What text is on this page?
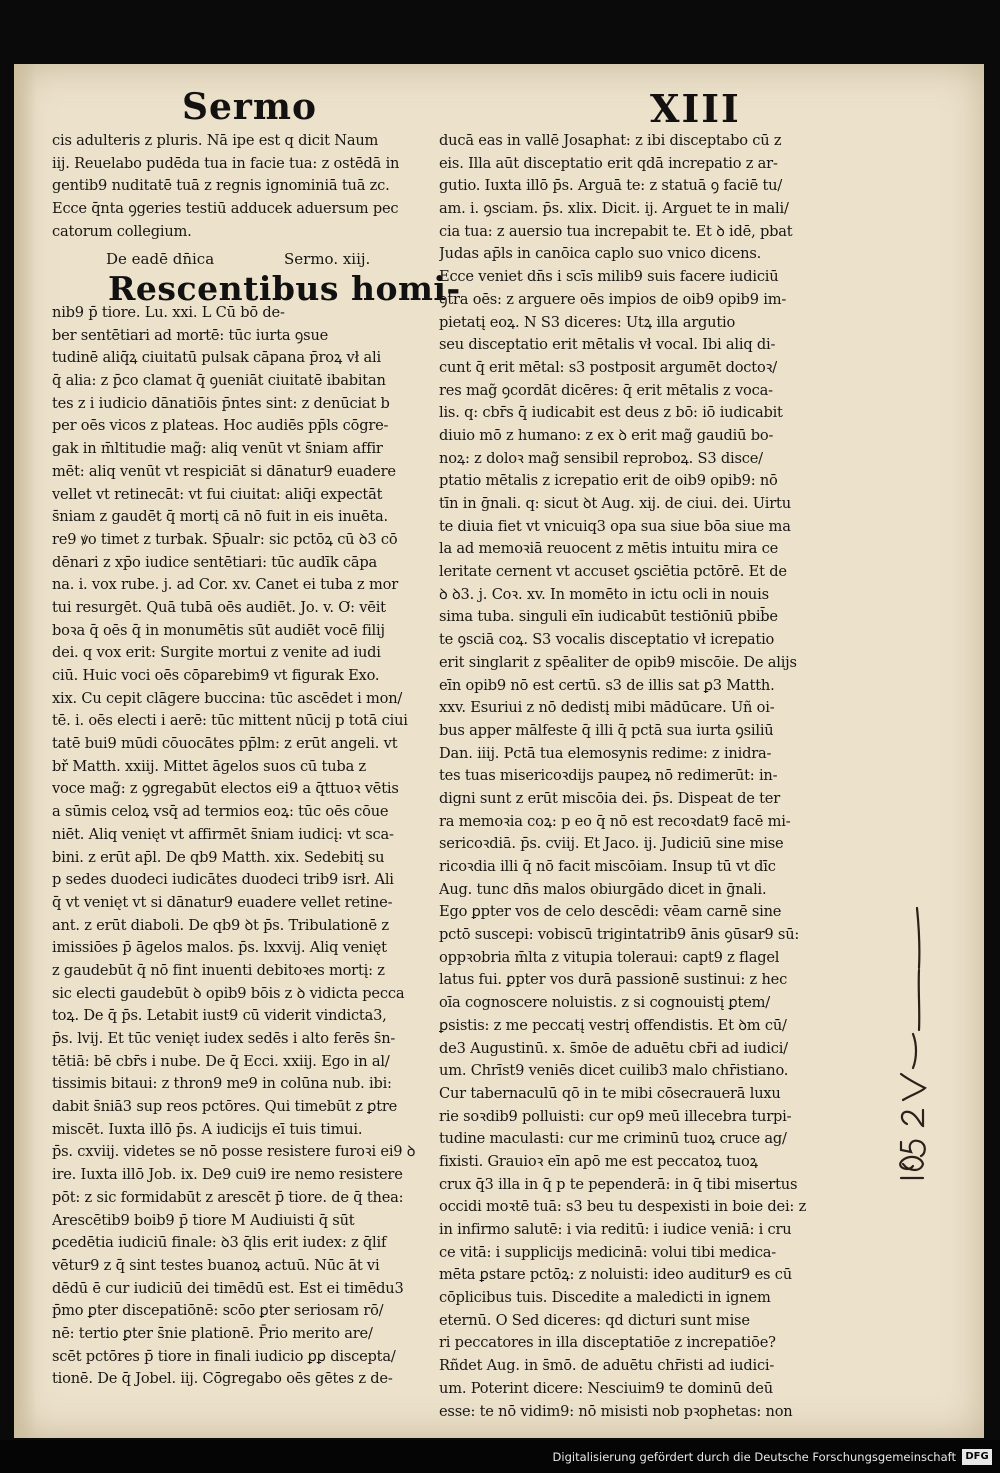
Sermo	XIII
cis adulteris z pluris. Nā ipe est q dicit Naum
iij. Reuelabo pudēda tua in facie tua: z ostēdā in
gentib9 nuditatē tuā z regnis ignominiā tuā zc.
Ecce q̄nta ꝯgeries testiū adducek aduersum pec
catorum collegium.
De eadē dn̄ica	Sermo. xiij.
Rescentibus homi-
nib9 p̄ tiore. Lu. xxi. L Cū bō de-
ber sentētiari ad mortē: tūc iurta ꝯsue
tudinē aliq̄ꝝ ciuitatū pulsak cāpana p̄roꝝ vł ali
q̄ alia: z p̄co clamat q̄ ꝯueniāt ciuitatē ibabitan
tes z i iudicio dānatiōis p̄ntes sint: z denūciat b
per oēs vicos z plateas. Hoc audiēs pp̄ls cōgre-
gak in m̄ltitudie mag̃: aliq venūt vt s̄niam affir
mēt: aliq venūt vt respiciāt si dānatur9 euadere
vellet vt retinecāt: vt fui ciuitat: aliq̄i expectāt
s̄niam z gaudēt q̄ mortį cā nō fuit in eis inuēta.
re9 ꝟo timet z turbak. Sp̄ualr: sic pctōꝝ cū ꝺ3 cō
dēnari z xp̄o iudice sentētiari: tūc audīk cāpa
na. i. vox rube. j. ad Cor. xv. Canet ei tuba z mor
tui resurgēt. Quā tubā oēs audiēt. Jo. v. Ơ: vēit
boꝛa q̄ oēs q̄ in monumētis sūt audiēt vocē filij
dei. q vox erit: Surgite mortui z venite ad iudi
ciū. Huic voci oēs cōparebim9 vt figurak Exo.
xix. Cu cepit clāgere buccina: tūc ascēdet i mon/
tē. i. oēs electi i aerē: tūc mittent nūcij p totā ciui
tatē bui9 mūdi cōuocātes pp̄lm: z erūt angeli. vt
bř Matth. xxiij. Mittet āgelos suos cū tuba z
voce mag̃: z ꝯgregabūt electos ei9 a q̄ttuoꝛ vētis
a sūmis celoꝝ vsq̄ ad termios eoꝝ: tūc oēs cōue
niēt. Aliq venięt vt affirmēt s̄niam iudicį: vt sca-
bini. z erūt ap̄l. De qb9 Matth. xix. Sedebitį su
p sedes duodeci iudicātes duodeci trib9 isrł. Ali
q̄ vt venięt vt si dānatur9 euadere vellet retine-
ant. z erūt diaboli. De qb9 ꝺt p̄s. Tribulationē z
imissiōes p̄ āgelos malos. p̄s. lxxvij. Aliq venięt
z gaudebūt q̄ nō fint inuenti debitoꝛes mortį: z
sic electi gaudebūt ꝺ opib9 bōis z ꝺ vidicta pecca
toꝝ. De q̄ p̄s. Letabit iust9 cū viderit vindicta3,
p̄s. lvij. Et tūc venięt iudex sedēs i alto ferēs s̄n-
tētiā: bē cbr̄s i nube. De q̄ Ecci. xxiij. Ego in al/
tissimis bitaui: z thron9 me9 in colūna nub. ibi:
dabit s̄niā3 sup reos pctōres. Qui timebūt z ꝑtre
miscēt. Iuxta illō p̄s. A iudicijs eī tuis timui.
p̄s. cxviij. videtes se nō posse resistere furoꝛi ei9 ꝺ
ire. Iuxta illō Job. ix. De9 cui9 ire nemo resistere
pōt: z sic formidabūt z arescēt p̄ tiore. de q̄ thea:
Arescētib9 boib9 p̄ tiore M Audiuisti q̄ sūt
ꝑcedētia iudiciū finale: ꝺ3 q̄lis erit iudex: z q̄lif
vētur9 z q̄ sint testes buanoꝝ actuū. Nūc āt vi
dēdū ē cur iudiciū dei timēdū est. Est ei timēdu3
p̄mo ꝑter discepatiōnē: scōo ꝑter seriosam rō/
nē: tertio ꝑter s̄nie plationē. P̄rio merito are/
scēt pctōres p̄ tiore in finali iudicio ꝑꝑ discepta/
tionē. De q̄ Jobel. iij. Cōgregabo oēs gētes z de-
ducā eas in vallē Josaphat: z ibi disceptabo cū z
eis. Illa aūt disceptatio erit qdā increpatio z ar-
gutio. Iuxta illō p̄s. Arguā te: z statuā ꝯ faciē tu/
am. i. ꝯsciam. p̄s. xlix. Dicit. ij. Arguet te in mali/
cia tua: z auersio tua increpabit te. Et ꝺ idē, pbat
Judas ap̄ls in canōica caplo suo vnico dicens.
Ecce veniet dn̄s i scīs milib9 suis facere iudiciū
ꝯtra oēs: z arguere oēs impios de oib9 opib9 im-
pietatį eoꝝ. N S3 diceres: Utꝝ illa argutio
seu disceptatio erit mētalis vł vocal. Ibi aliq di-
cunt q̄ erit mētal: s3 postposit argumēt doctoꝛ/
res mag̃ ꝯcordāt dicēres: q̄ erit mētalis z voca-
lis. q: cbr̄s q̄ iudicabit est deus z bō: iō iudicabit
diuio mō z humano: z ex ꝺ erit mag̃ gaudiū bo-
noꝝ: z doloꝛ mag̃ sensibil reproboꝝ. S3 disce/
ptatio mētalis z icrepatio erit de oib9 opib9: nō
tīn in ḡnali. q: sicut ꝺt Aug. xij. de ciui. dei. Uirtu
te diuia fiet vt vnicuiq3 opa sua siue bōa siue ma
la ad memoꝛiā reuocent z mētis intuitu mira ce
leritate cernent vt accuset ꝯsciētia pctōrē. Et de
ꝺ ꝺ3. j. Coꝛ. xv. In momēto in ictu ocli in nouis
sima tuba. singuli eīn iudicabūt testiōniū pbib̄e
te ꝯsciā coꝝ. S3 vocalis disceptatio vł icrepatio
erit singlarit z spēaliter de opib9 miscōie. De alijs
eīn opib9 nō est certū. s3 de illis sat ꝑ3 Matth.
xxv. Esuriui z nō dedistį mibi mādūcare. Uñ oi-
bus apper mālfeste q̄ illi q̄ pctā sua iurta ꝯsiliū
Dan. iiij. Pctā tua elemosynis redime: z inidra-
tes tuas misericoꝛdijs paupeꝝ nō redimerūt: in-
digni sunt z erūt miscōia dei. p̄s. Dispeat de ter
ra memoꝛia coꝝ: p eo q̄ nō est recoꝛdat9 facē mi-
sericoꝛdiā. p̄s. cviij. Et Jaco. ij. Judiciū sine mise
ricoꝛdia illi q̄ nō facit miscōiam. Insup tū vt dīc
Aug. tunc dn̄s malos obiurgādo dicet in ḡnali.
Ego ꝑpter vos de celo descēdi: vēam carnē sine
pctō suscepi: vobiscū trigintatrib9 ānis ꝯūsar9 sū:
oppꝛobria m̄lta z vitupia toleraui: capt9 z flagel
latus fui. ꝑpter vos durā passionē sustinui: z hec
oīa cognoscere noluistis. z si cognouistį ꝑtem/
ꝑsistis: z me peccatį vestrį offendistis. Et ꝺm cū/
de3 Augustinū. x. s̄mōe de aduētu cbr̄i ad iudici/
um. Chrīst9 veniēs dicet cuilib3 malo chr̄istiano.
Cur tabernaculū qō in te mibi cōsecrauerā luxu
rie soꝛdib9 polluisti: cur op9 meū illecebra turpi-
tudine maculasti: cur me criminū tuoꝝ cruce ag/
fixisti. Grauioꝛ eīn apō me est peccatoꝝ tuoꝝ
crux q̄3 illa in q̄ p te pependerā: in q̄ tibi misertus
occidi moꝛtē tuā: s3 beu tu despexisti in boie dei: z
in infirmo salutē: i via reditū: i iudice veniā: i cru
ce vitā: i supplicijs medicinā: volui tibi medica-
mēta ꝑstare pctōꝝ: z noluisti: ideo auditur9 es cū
cōplicibus tuis. Discedite a maledicti in ignem
eternū. O Sed diceres: qd dicturi sunt mise
ri peccatores in illa disceptatiōe z increpatiōe?
Rñdet Aug. in s̄mō. de aduētu chr̄isti ad iudici-
um. Poterint dicere: Nesciuim9 te dominū deū
esse: te nō vidim9: nō misisti nob pꝛophetas: non
Digitalisierung gefördert durch die Deutsche Forschungsgemeinschaft DFG
